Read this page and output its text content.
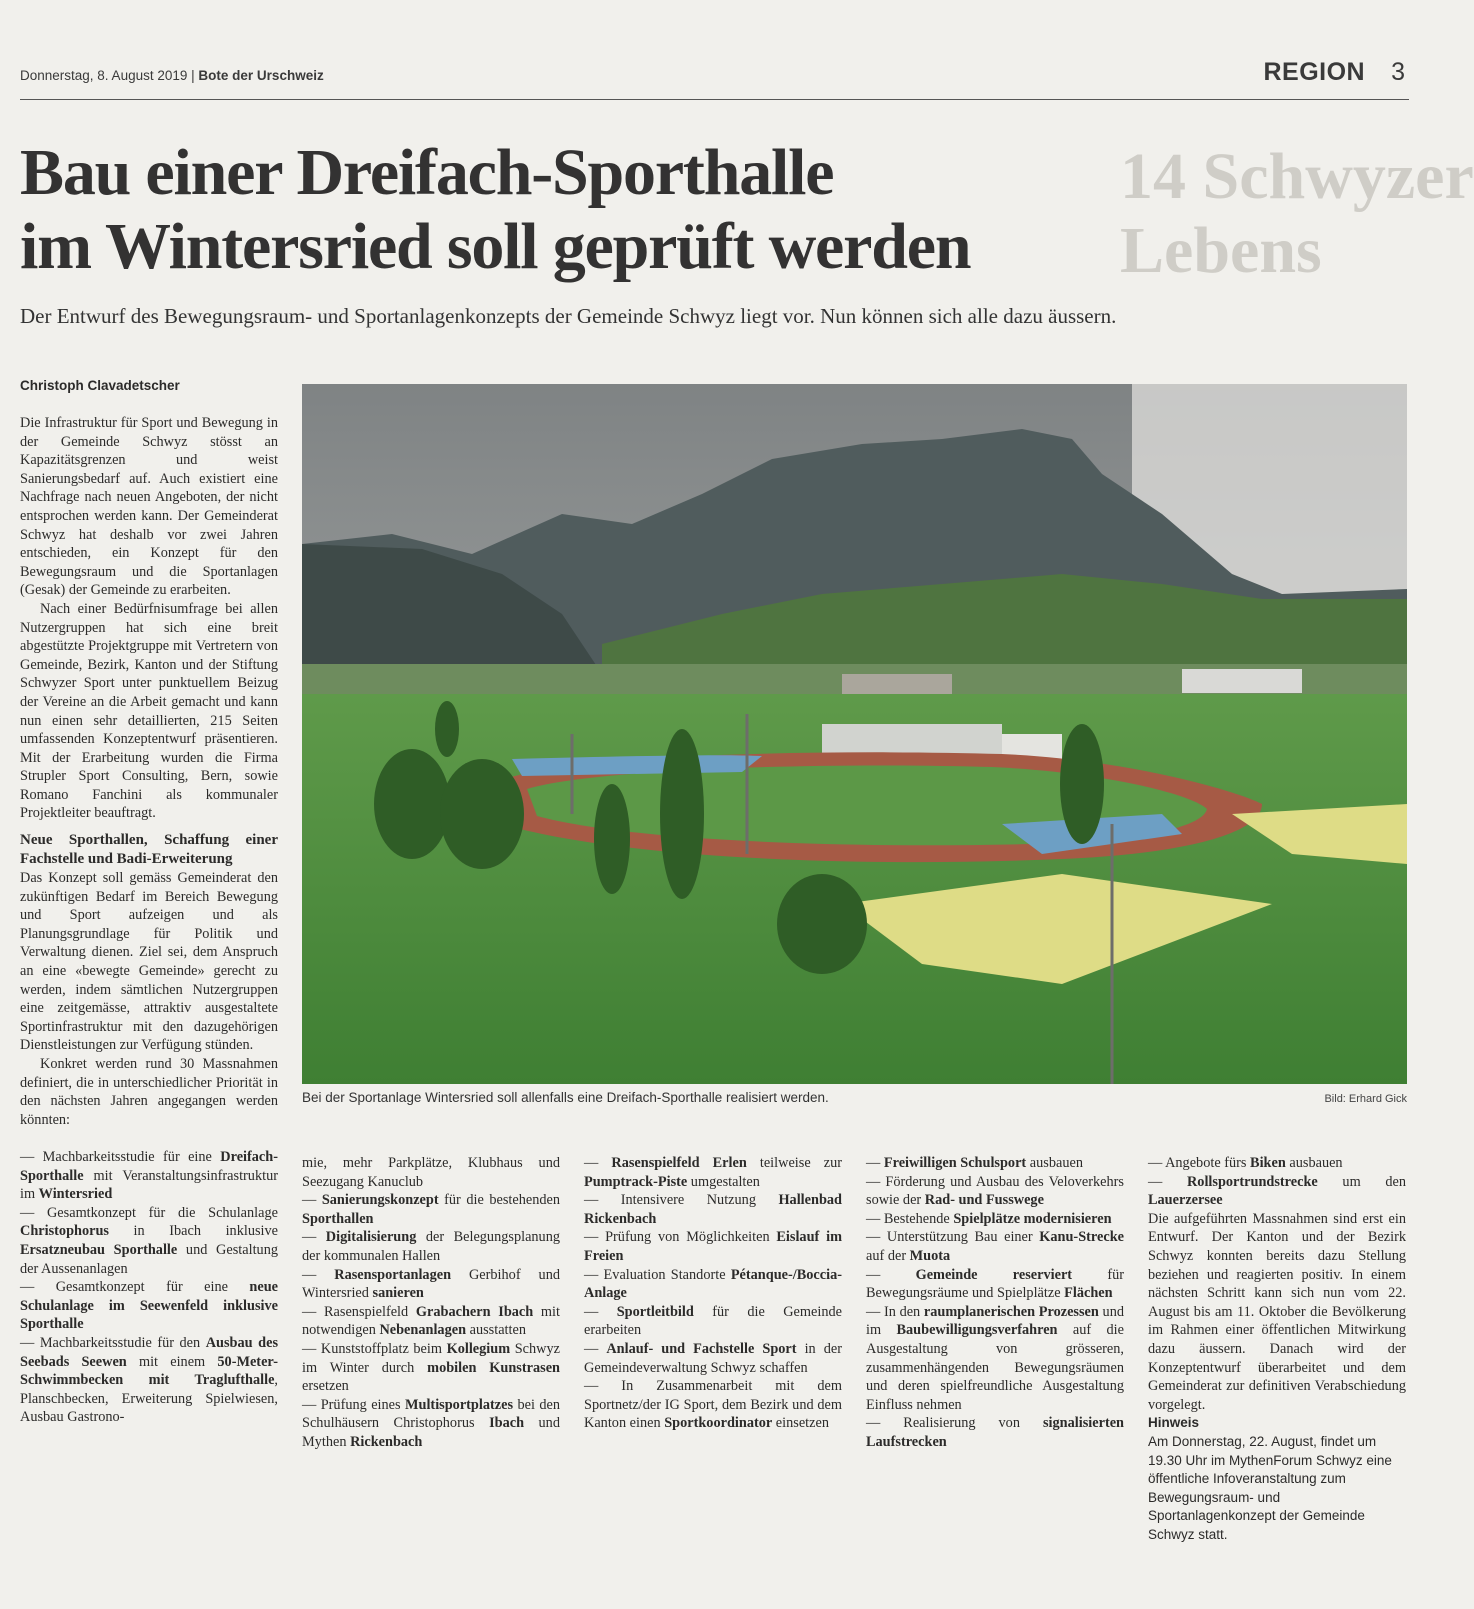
Donnerstag, 8. August 2019 | Bote der Urschweiz	REGION 3
14 Schwyzer
Lebens
Bau einer Dreifach-Sporthalle
im Wintersried soll geprüft werden
Der Entwurf des Bewegungsraum- und Sportanlagenkonzepts der Gemeinde Schwyz liegt vor. Nun können sich alle dazu äussern.
Christoph Clavadetscher

Die Infrastruktur für Sport und Bewegung in der Gemeinde Schwyz stösst an Kapazitätsgrenzen und weist Sanierungsbedarf auf. Auch existiert eine Nachfrage nach neuen Angeboten, der nicht entsprochen werden kann. Der Gemeinderat Schwyz hat deshalb vor zwei Jahren entschieden, ein Konzept für den Bewegungsraum und die Sportanlagen (Gesak) der Gemeinde zu erarbeiten.

Nach einer Bedürfnisumfrage bei allen Nutzergruppen hat sich eine breit abgestützte Projektgruppe mit Vertretern von Gemeinde, Bezirk, Kanton und der Stiftung Schwyzer Sport unter punktuellem Beizug der Vereine an die Arbeit gemacht und kann nun einen sehr detaillierten, 215 Seiten umfassenden Konzeptentwurf präsentieren. Mit der Erarbeitung wurden die Firma Strupler Sport Consulting, Bern, sowie Romano Fanchini als kommunaler Projektleiter beauftragt.

Neue Sporthallen, Schaffung einer Fachstelle und Badi-Erweiterung

Das Konzept soll gemäss Gemeinderat den zukünftigen Bedarf im Bereich Bewegung und Sport aufzeigen und als Planungsgrundlage für Politik und Verwaltung dienen. Ziel sei, dem Anspruch an eine «bewegte Gemeinde» gerecht zu werden, indem sämtlichen Nutzergruppen eine zeitgemässe, attraktiv ausgestaltete Sportinfrastruktur mit den dazugehörigen Dienstleistungen zur Verfügung stünden.

Konkret werden rund 30 Massnahmen definiert, die in unterschiedlicher Priorität in den nächsten Jahren angegangen werden könnten:

— Machbarkeitsstudie für eine Dreifach-Sporthalle mit Veranstaltungsinfrastruktur im Wintersried

— Gesamtkonzept für die Schulanlage Christophorus in Ibach inklusive Ersatzneubau Sporthalle und Gestaltung der Aussenanlagen

— Gesamtkonzept für eine neue Schulanlage im Seewenfeld inklusive Sporthalle

— Machbarkeitsstudie für den Ausbau des Seebads Seewen mit einem 50-Meter-Schwimmbecken mit Traglufthalle, Planschbecken, Erweiterung Spielwiesen, Ausbau Gastrono-

Bei der Sportanlage Wintersried soll allenfalls eine Dreifach-Sporthalle realisiert werden.	Bild: Erhard Gick

mie, mehr Parkplätze, Klubhaus und Seezugang Kanuclub

— Sanierungskonzept für die bestehenden Sporthallen

— Digitalisierung der Belegungsplanung der kommunalen Hallen

— Rasensportanlagen Gerbihof und Wintersried sanieren

— Rasenspielfeld Grabachern Ibach mit notwendigen Nebenanlagen ausstatten

— Kunststoffplatz beim Kollegium Schwyz im Winter durch mobilen Kunstrasen ersetzen

— Prüfung eines Multisportplatzes bei den Schulhäusern Christophorus Ibach und Mythen Rickenbach

— Rasenspielfeld Erlen teilweise zur Pumptrack-Piste umgestalten

— Intensivere Nutzung Hallenbad Rickenbach

— Prüfung von Möglichkeiten Eislauf im Freien

— Evaluation Standorte Pétanque-/Boccia-Anlage

— Sportleitbild für die Gemeinde erarbeiten

— Anlauf- und Fachstelle Sport in der Gemeindeverwaltung Schwyz schaffen

— In Zusammenarbeit mit dem Sportnetz/der IG Sport, dem Bezirk und dem Kanton einen Sportkoordinator einsetzen

— Freiwilligen Schulsport ausbauen

— Förderung und Ausbau des Veloverkehrs sowie der Rad- und Fusswege

— Bestehende Spielplätze modernisieren

— Unterstützung Bau einer Kanu-Strecke auf der Muota

— Gemeinde reserviert für Bewegungsräume und Spielplätze Flächen

— In den raumplanerischen Prozessen und im Baubewilligungsverfahren auf die Ausgestaltung von grösseren, zusammenhängenden Bewegungsräumen und deren spielfreundliche Ausgestaltung Einfluss nehmen

— Realisierung von signalisierten Laufstrecken

— Angebote fürs Biken ausbauen

— Rollsportrundstrecke um den Lauerzersee

Die aufgeführten Massnahmen sind erst ein Entwurf. Der Kanton und der Bezirk Schwyz konnten bereits dazu Stellung beziehen und reagierten positiv. In einem nächsten Schritt kann sich nun vom 22. August bis am 11. Oktober die Bevölkerung im Rahmen einer öffentlichen Mitwirkung dazu äussern. Danach wird der Konzeptentwurf überarbeitet und dem Gemeinderat zur definitiven Verabschiedung vorgelegt.

Hinweis

Am Donnerstag, 22. August, findet um 19.30 Uhr im MythenForum Schwyz eine öffentliche Infoveranstaltung zum Bewegungsraum- und Sportanlagenkonzept der Gemeinde Schwyz statt.
